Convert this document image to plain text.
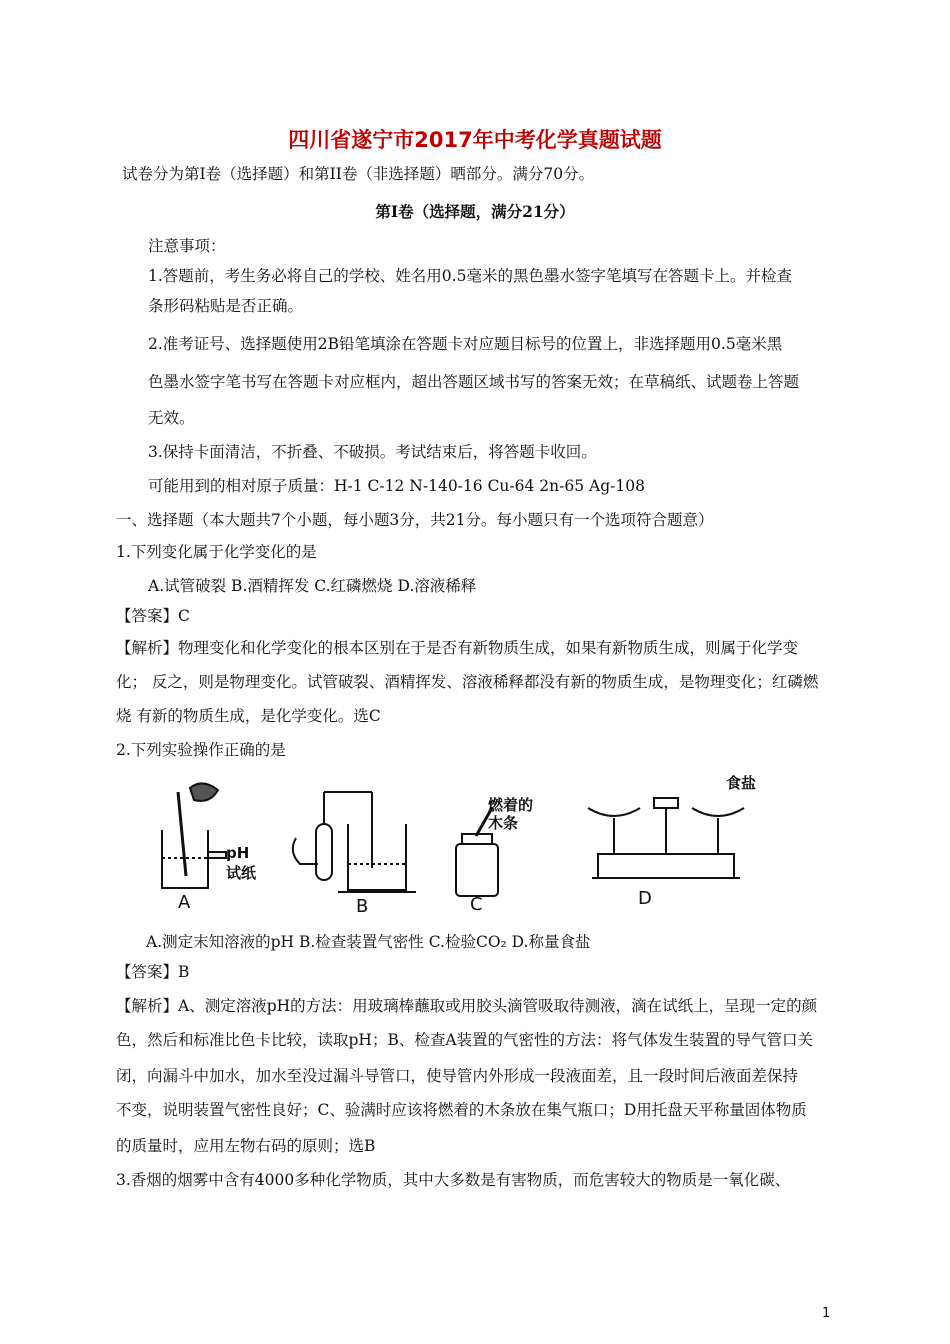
四川省遂宁市2017年中考化学真题试题
试卷分为第I卷（选择题）和第II卷（非选择题）晒部分。满分70分。
第I卷（选择题，满分21分）
注意事项：
1.答题前，考生务必将自己的学校、姓名用0.5毫米的黑色墨水签字笔填写在答题卡上。并检查
条形码粘贴是否正确。
2.准考证号、选择题使用2B铅笔填涂在答题卡对应题目标号的位置上，非选择题用0.5毫米黑
色墨水签字笔书写在答题卡对应框内，超出答题区域书写的答案无效；在草稿纸、试题卷上答题
无效。
3.保持卡面清洁，不折叠、不破损。考试结束后，将答题卡收回。
可能用到的相对原子质量：H-1 C-12 N-140-16 Cu-64 2n-65 Ag-108
一、选择题（本大题共7个小题，每小题3分，共21分。每小题只有一个选项符合题意）
1.下列变化属于化学变化的是
A.试管破裂 B.酒精挥发 C.红磷燃烧 D.溶液稀释
【答案】C
【解析】物理变化和化学变化的根本区别在于是否有新物质生成，如果有新物质生成，则属于化学变
化； 反之，则是物理变化。试管破裂、酒精挥发、溶液稀释都没有新的物质生成，是物理变化；红磷燃
烧 有新的物质生成，是化学变化。选C
2.下列实验操作正确的是
pH
试纸
燃着的
木条
食盐
A	B	C	D
A.测定末知溶液的pH B.检查装置气密性 C.检验CO₂ D.称量食盐
【答案】B
【解析】A、测定溶液pH的方法：用玻璃棒蘸取或用胶头滴管吸取待测液，滴在试纸上，呈现一定的颜
色，然后和标准比色卡比较，读取pH；B、检查A装置的气密性的方法：将气体发生装置的导气管口关
闭，向漏斗中加水，加水至没过漏斗导管口，使导管内外形成一段液面差，且一段时间后液面差保持
不变，说明装置气密性良好；C、验满时应该将燃着的木条放在集气瓶口；D用托盘天平称量固体物质
的质量时，应用左物右码的原则；选B
3.香烟的烟雾中含有4000多种化学物质，其中大多数是有害物质，而危害较大的物质是一氧化碳、
1
